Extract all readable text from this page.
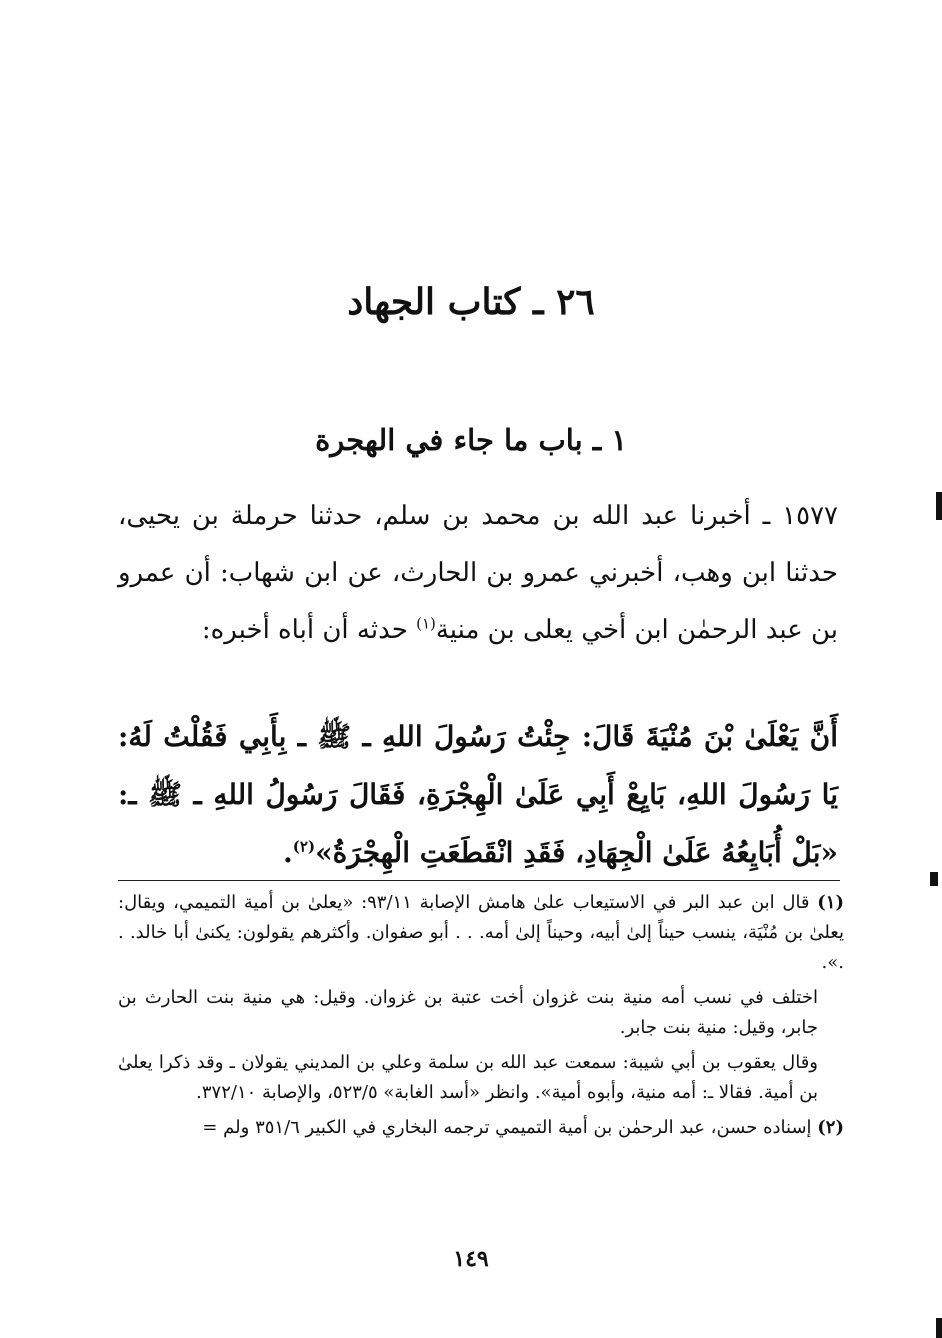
٢٦ ـ كتاب الجهاد
١ ـ باب ما جاء في الهجرة
١٥٧٧ ـ أخبرنا عبد الله بن محمد بن سلم، حدثنا حرملة بن يحيى، حدثنا ابن وهب، أخبرني عمرو بن الحارث، عن ابن شهاب: أن عمرو بن عبد الرحمٰن ابن أخي يعلى بن منية$^{(١)}$ حدثه أن أباه أخبره:
أَنَّ يَعْلَىٰ بْنَ مُنْيَةَ قَالَ: جِئْتُ رَسُولَ اللهِ ـ ﷺ ـ بِأَبِي فَقُلْتُ لَهُ: يَا رَسُولَ اللهِ، بَايِعْ أَبِي عَلَىٰ الْهِجْرَةِ، فَقَالَ رَسُولُ اللهِ ـ ﷺ ـ: «بَلْ أُبَايِعُهُ عَلَىٰ الْجِهَادِ، فَقَدِ انْقَطَعَتِ الْهِجْرَةُ»$^{(٢)}$.

(١) قال ابن عبد البر في الاستيعاب علىٰ هامش الإصابة ٩٣/١١: «يعلىٰ بن أمية التميمي، ويقال: يعلىٰ بن مُنْيَة، ينسب حيناً إلىٰ أبيه، وحيناً إلىٰ أمه. . . أبو صفوان. وأكثرهم يقولون: يكنىٰ أبا خالد. . .».

اختلف في نسب أمه منية بنت غزوان أخت عتبة بن غزوان. وقيل: هي منية بنت الحارث بن جابر، وقيل: منية بنت جابر.

وقال يعقوب بن أبي شيبة: سمعت عبد الله بن سلمة وعلي بن المديني يقولان ـ وقد ذكرا يعلىٰ بن أمية. فقالا ـ: أمه منية، وأبوه أمية». وانظر «أسد الغابة» ٥٢٣/٥، والإصابة ٣٧٢/١٠.

(٢) إسناده حسن، عبد الرحمٰن بن أمية التميمي ترجمه البخاري في الكبير ٣٥١/٦ ولم =

١٤٩
